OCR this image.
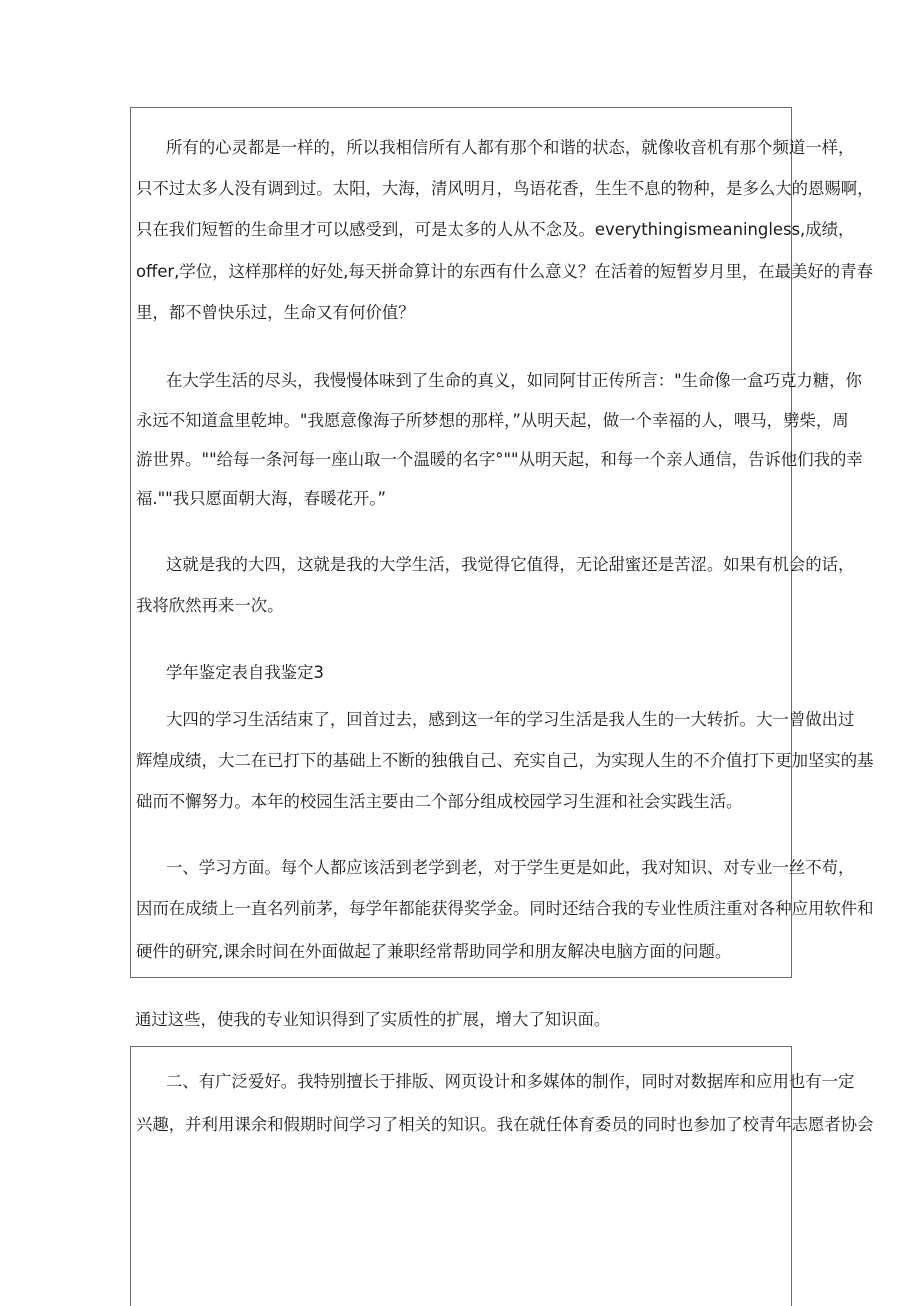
所有的心灵都是一样的，所以我相信所有人都有那个和谐的状态，就像收音机有那个频道一样，
只不过太多人没有调到过。太阳，大海，清风明月，鸟语花香，生生不息的物种，是多么大的恩赐啊，
只在我们短暂的生命里才可以感受到，可是太多的人从不念及。everythingismeaningless,成绩，
offer,学位，这样那样的好处,每天拼命算计的东西有什么意义？在活着的短暂岁月里，在最美好的青春
里，都不曾快乐过，生命又有何价值？
在大学生活的尽头，我慢慢体味到了生命的真义，如同阿甘正传所言："生命像一盒巧克力糖，你
永远不知道盒里乾坤。"我愿意像海子所梦想的那样，”从明天起，做一个幸福的人，喂马，劈柴，周
游世界。""给每一条河每一座山取一个温暖的名字°""从明天起，和每一个亲人通信，告诉他们我的幸
福.""我只愿面朝大海，春暖花开。”
这就是我的大四，这就是我的大学生活，我觉得它值得，无论甜蜜还是苦涩。如果有机会的话，
我将欣然再来一次。
学年鉴定表自我鉴定3
大四的学习生活结束了，回首过去，感到这一年的学习生活是我人生的一大转折。大一曾做出过
辉煌成绩，大二在已打下的基础上不断的独俄自己、充实自己，为实现人生的不介值打下更加坚实的基
础而不懈努力。本年的校园生活主要由二个部分组成校园学习生涯和社会实践生活。
一、学习方面。每个人都应该活到老学到老，对于学生更是如此，我对知识、对专业一丝不苟，
因而在成绩上一直名列前茅，每学年都能获得奖学金。同时还结合我的专业性质注重对各种应用软件和
硬件的研究,课余时间在外面做起了兼职经常帮助同学和朋友解决电脑方面的问题。
通过这些，使我的专业知识得到了实质性的扩展，增大了知识面。
二、有广泛爱好。我特别擅长于排版、网页设计和多媒体的制作，同时对数据库和应用也有一定
兴趣，并利用课余和假期时间学习了相关的知识。我在就任体育委员的同时也参加了校青年志愿者协会
